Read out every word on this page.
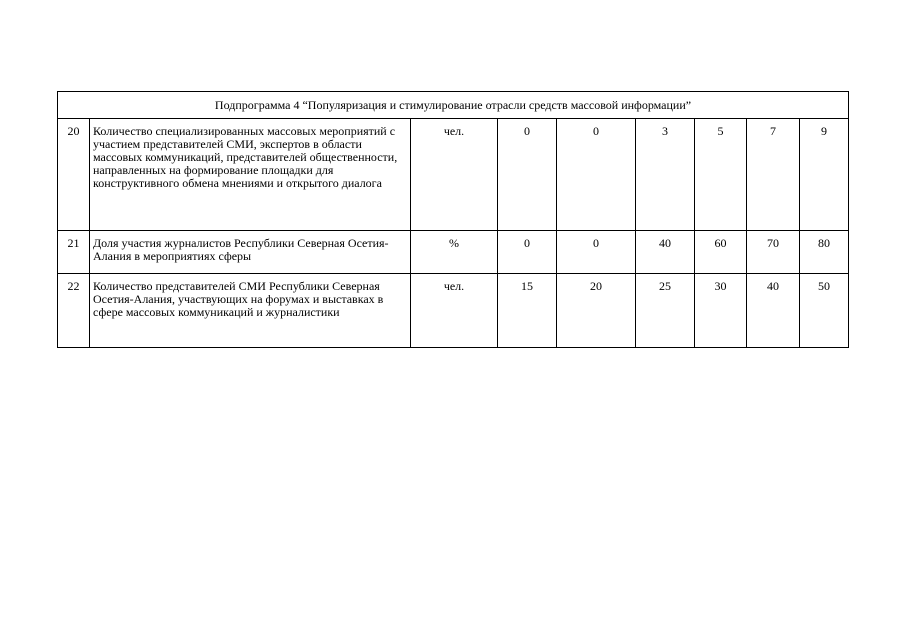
Подпрограмма 4 “Популяризация и стимулирование отрасли средств массовой информации”								
20	Количество специализированных массовых мероприятий с участием представителей СМИ, экспертов в области массовых коммуникаций, представителей общественности, направленных на формирование площадки для конструктивного обмена мнениями и открытого диалога	чел.	0	0	3	5	7	9
21	Доля участия журналистов Республики Северная Осетия-Алания в мероприятиях сферы	%	0	0	40	60	70	80
22	Количество представителей СМИ Республики Северная Осетия-Алания, участвующих на форумах и выставках в сфере массовых коммуникаций и журналистики	чел.	15	20	25	30	40	50
